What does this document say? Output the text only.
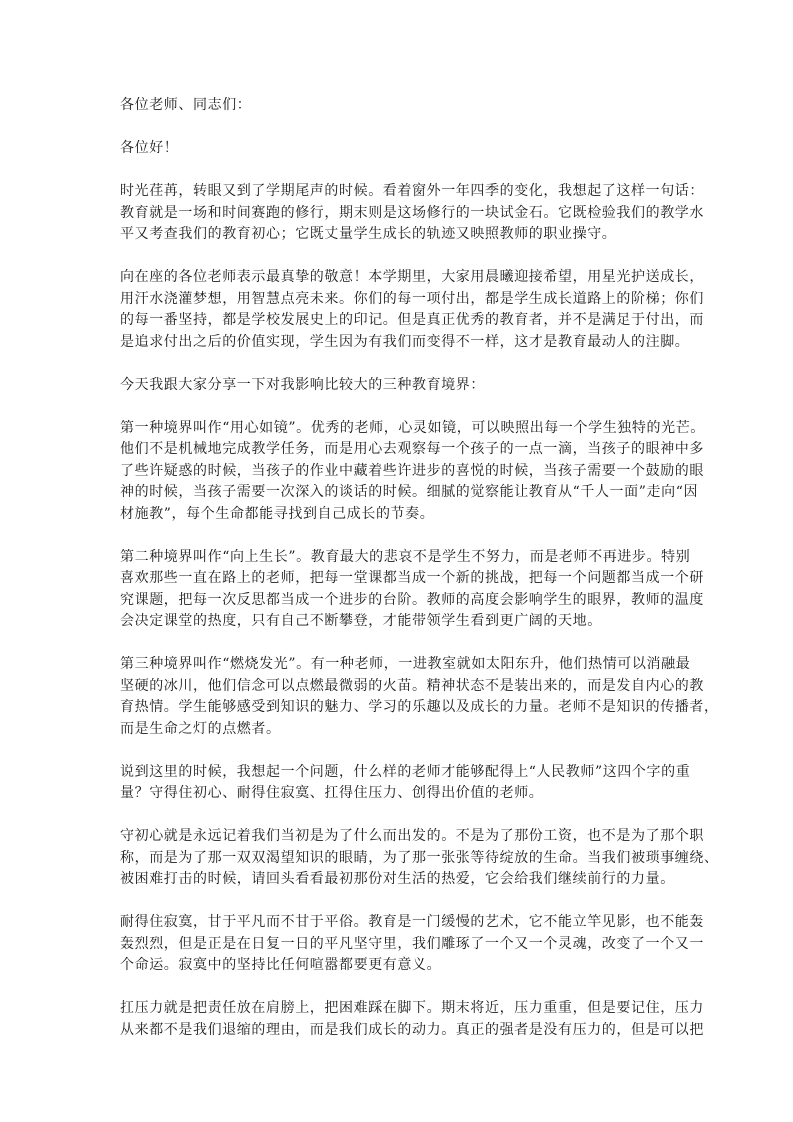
各位老师、同志们：
各位好！
时光荏苒，转眼又到了学期尾声的时候。看着窗外一年四季的变化，我想起了这样一句话：
教育就是一场和时间赛跑的修行，期末则是这场修行的一块试金石。它既检验我们的教学水
平又考查我们的教育初心；它既丈量学生成长的轨迹又映照教师的职业操守。
向在座的各位老师表示最真挚的敬意！本学期里，大家用晨曦迎接希望，用星光护送成长，
用汗水浇灌梦想，用智慧点亮未来。你们的每一项付出，都是学生成长道路上的阶梯；你们
的每一番坚持，都是学校发展史上的印记。但是真正优秀的教育者，并不是满足于付出，而
是追求付出之后的价值实现，学生因为有我们而变得不一样，这才是教育最动人的注脚。
今天我跟大家分享一下对我影响比较大的三种教育境界：
第一种境界叫作“用心如镜”。优秀的老师，心灵如镜，可以映照出每一个学生独特的光芒。
他们不是机械地完成教学任务，而是用心去观察每一个孩子的一点一滴，当孩子的眼神中多
了些许疑惑的时候，当孩子的作业中藏着些许进步的喜悦的时候，当孩子需要一个鼓励的眼
神的时候，当孩子需要一次深入的谈话的时候。细腻的觉察能让教育从“千人一面”走向“因
材施教”，每个生命都能寻找到自己成长的节奏。
第二种境界叫作“向上生长”。教育最大的悲哀不是学生不努力，而是老师不再进步。特别
喜欢那些一直在路上的老师，把每一堂课都当成一个新的挑战，把每一个问题都当成一个研
究课题，把每一次反思都当成一个进步的台阶。教师的高度会影响学生的眼界，教师的温度
会决定课堂的热度，只有自己不断攀登，才能带领学生看到更广阔的天地。
第三种境界叫作“燃烧发光”。有一种老师，一进教室就如太阳东升，他们热情可以消融最
坚硬的冰川，他们信念可以点燃最微弱的火苗。精神状态不是装出来的，而是发自内心的教
育热情。学生能够感受到知识的魅力、学习的乐趣以及成长的力量。老师不是知识的传播者，
而是生命之灯的点燃者。
说到这里的时候，我想起一个问题，什么样的老师才能够配得上“人民教师”这四个字的重
量？守得住初心、耐得住寂寞、扛得住压力、创得出价值的老师。
守初心就是永远记着我们当初是为了什么而出发的。不是为了那份工资，也不是为了那个职
称，而是为了那一双双渴望知识的眼睛，为了那一张张等待绽放的生命。当我们被琐事缠绕、
被困难打击的时候，请回头看看最初那份对生活的热爱，它会给我们继续前行的力量。
耐得住寂寞，甘于平凡而不甘于平俗。教育是一门缓慢的艺术，它不能立竿见影，也不能轰
轰烈烈，但是正是在日复一日的平凡坚守里，我们雕琢了一个又一个灵魂，改变了一个又一
个命运。寂寞中的坚持比任何喧嚣都要更有意义。
扛压力就是把责任放在肩膀上，把困难踩在脚下。期末将近，压力重重，但是要记住，压力
从来都不是我们退缩的理由，而是我们成长的动力。真正的强者是没有压力的，但是可以把
